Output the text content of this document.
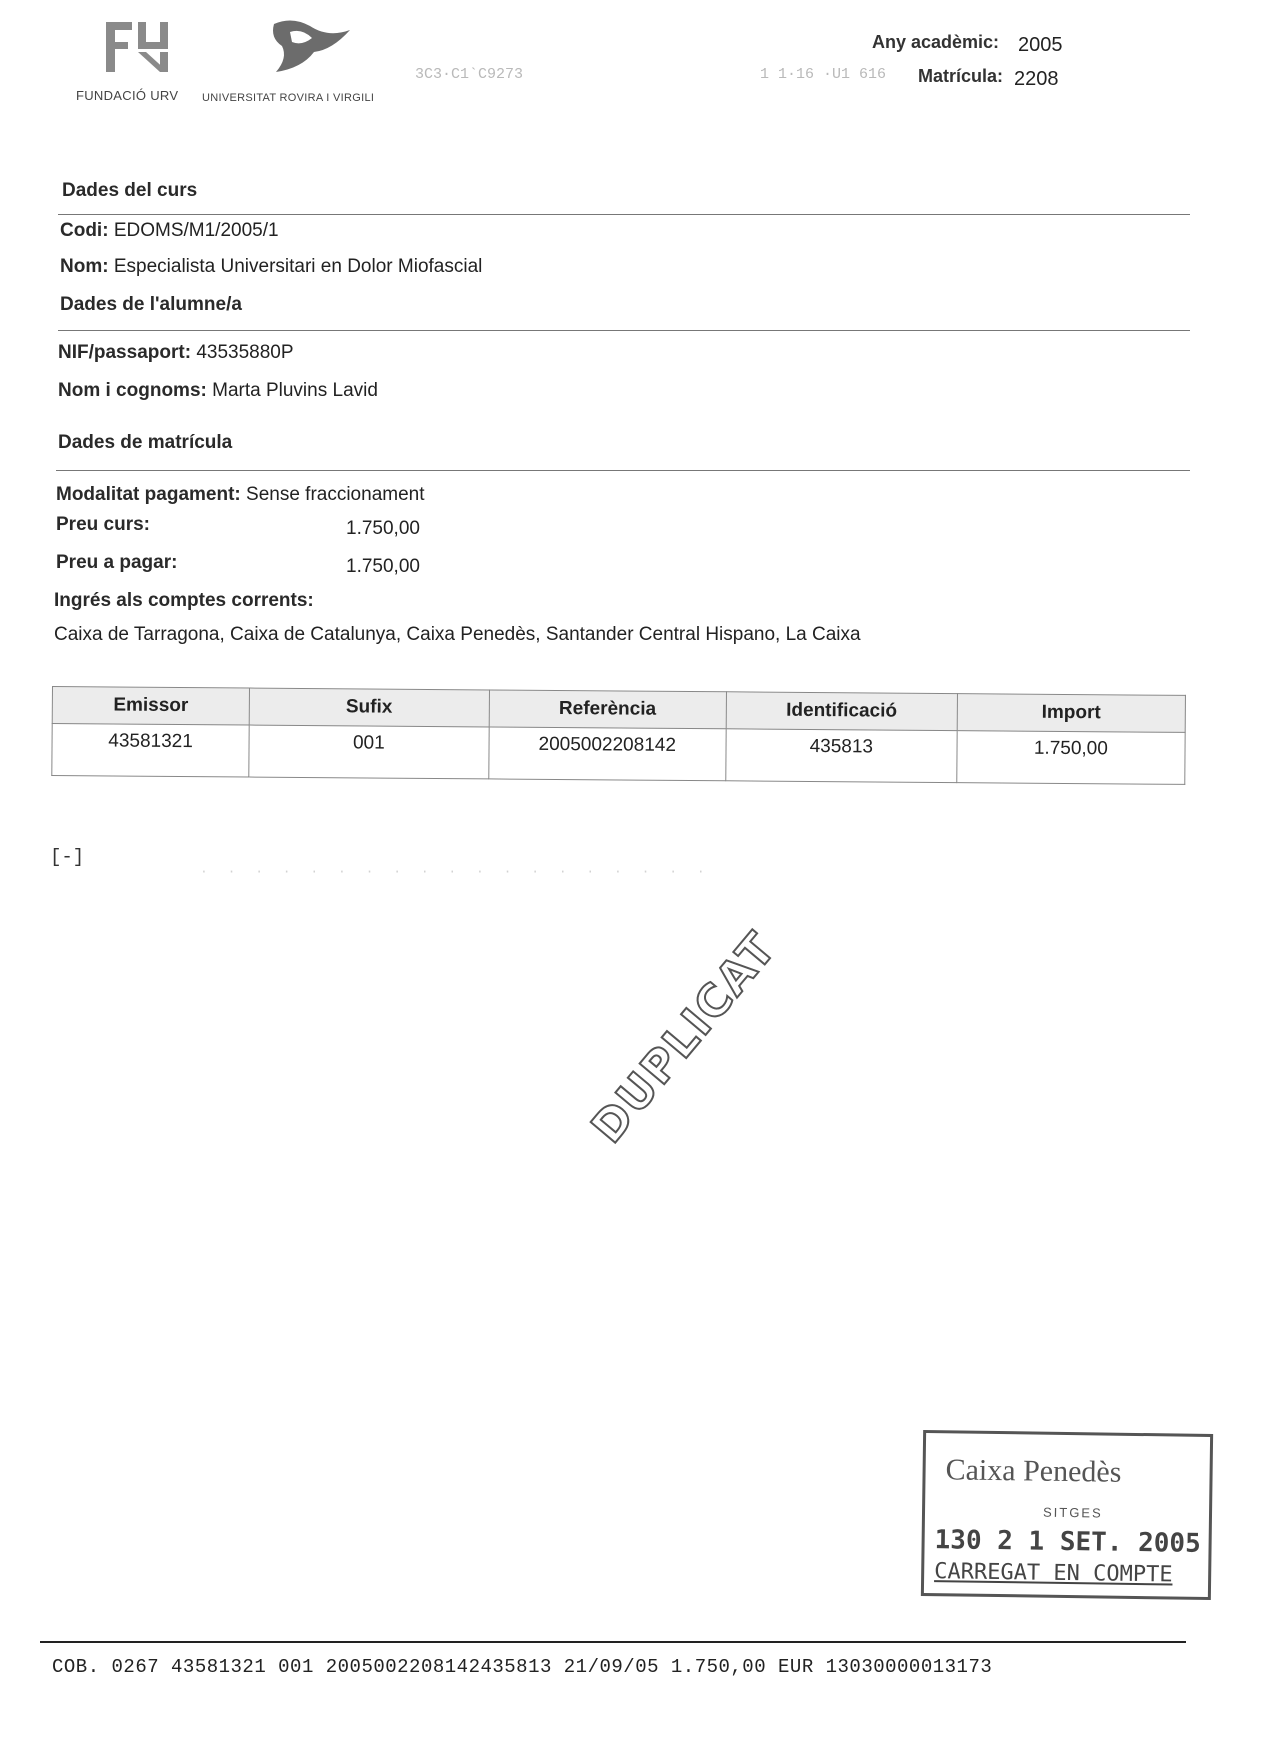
FUNDACIÓ URV UNIVERSITAT ROVIRA I VIRGILI
3C3·C1`C9273	1 1·16 ·U1 616
Any acadèmic: 2005
Matrícula: 2208
Dades del curs
Codi: EDOMS/M1/2005/1
Nom: Especialista Universitari en Dolor Miofascial
Dades de l'alumne/a
NIF/passaport: 43535880P
Nom i cognoms: Marta Pluvins Lavid
Dades de matrícula
Modalitat pagament: Sense fraccionament
Preu curs:	1.750,00
Preu a pagar:	1.750,00
Ingrés als comptes corrents:
Caixa de Tarragona, Caixa de Catalunya, Caixa Penedès, Santander Central Hispano, La Caixa
Emissor	Sufix	Referència	Identificació	Import
43581321	001	2005002208142	435813	1.750,00
[-]
· · · · · · · · · · · · · · · · · · ·
DUPLICAT
Caixa Penedès
SITGES
130 2 1 SET. 2005
CARREGAT EN COMPTE
COB. 0267 43581321 001 2005002208142435813 21/09/05 1.750,00 EUR 13030000013173
